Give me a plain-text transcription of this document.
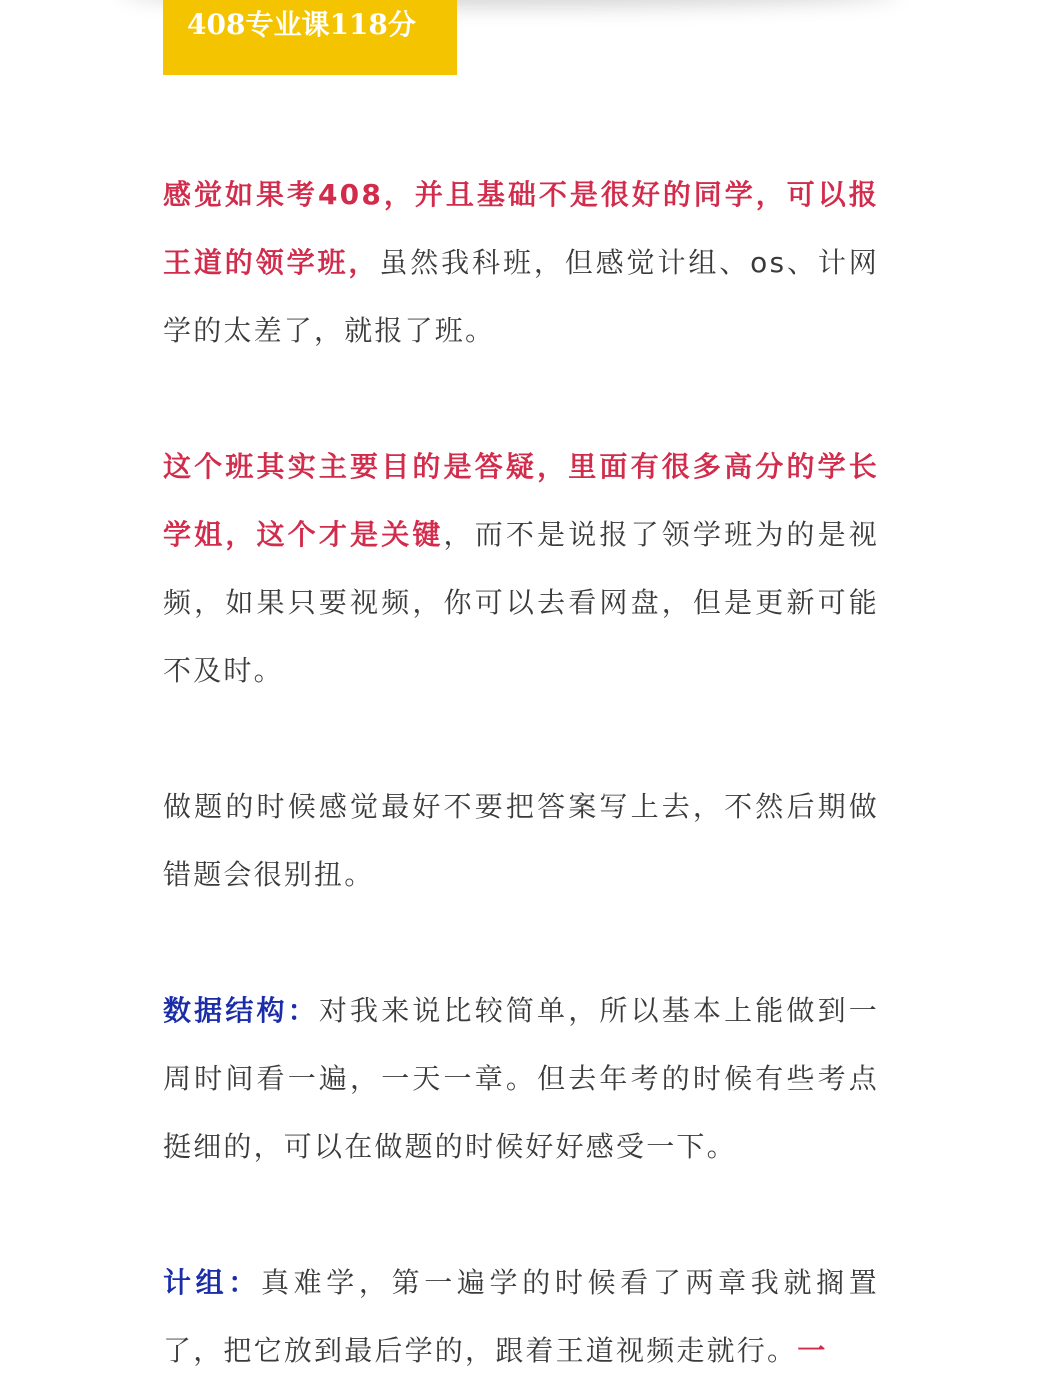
408专业课118分

感觉如果考408，并且基础不是很好的同学，可以报王道的领学班，虽然我科班，但感觉计组、os、计网学的太差了，就报了班。

这个班其实主要目的是答疑，里面有很多高分的学长学姐，这个才是关键，而不是说报了领学班为的是视频，如果只要视频，你可以去看网盘，但是更新可能不及时。

做题的时候感觉最好不要把答案写上去，不然后期做错题会很别扭。

数据结构：对我来说比较简单，所以基本上能做到一周时间看一遍，一天一章。但去年考的时候有些考点挺细的，可以在做题的时候好好感受一下。

计组：真难学，第一遍学的时候看了两章我就搁置了，把它放到最后学的，跟着王道视频走就行。一
